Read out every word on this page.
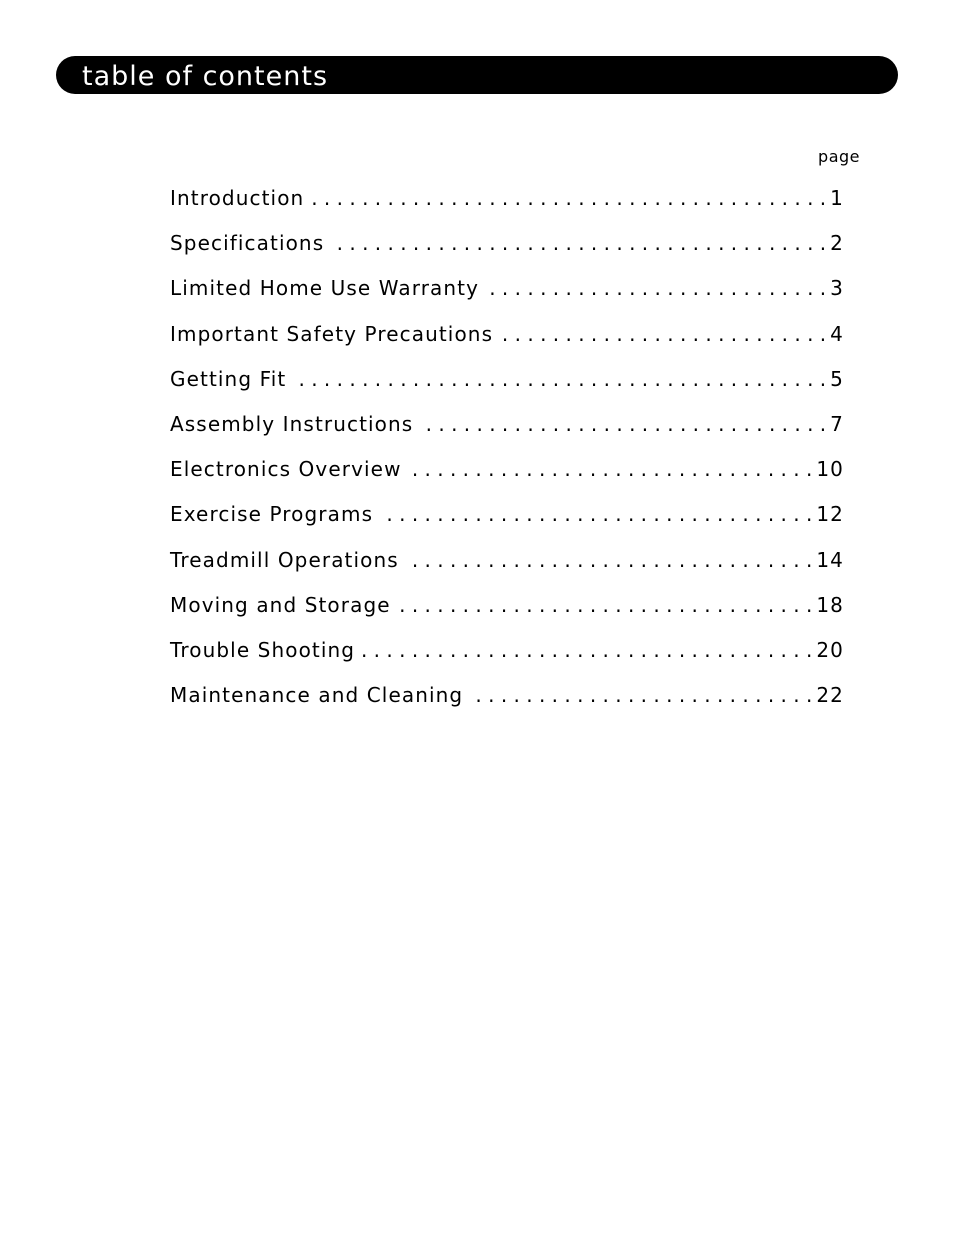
table of contents
page
Introduction . . .	1
Specifications . . .	2
Limited Home Use Warranty . . .	3
Important Safety Precautions . . .	4
Getting Fit . . .	5
Assembly Instructions . . .	7
Electronics Overview . . .	10
Exercise Programs . . .	12
Treadmill Operations . . .	14
Moving and Storage . . .	18
Trouble Shooting . . .	20
Maintenance and Cleaning . . .	22
